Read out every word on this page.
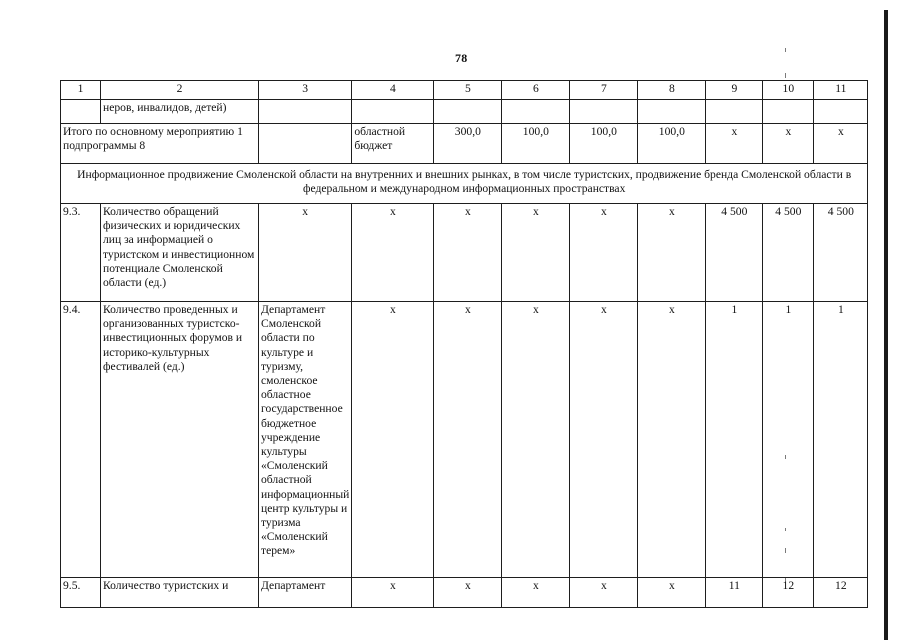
78
1	2	3	4	5	6	7	8	9	10	11
	неров, инвалидов, детей)									
Итого по основному мероприятию 1 подпрограммы 8			областной бюджет	300,0	100,0	100,0	100,0	x	x	x
Информационное продвижение Смоленской области на внутренних и внешних рынках, в том числе туристских, продвижение бренда Смоленской области в федеральном и международном информационных пространствах										
9.3.	Количество обращений физических и юридических лиц за информацией о туристском и инвестиционном потенциале Смоленской области (ед.)	x	x	x	x	x	x	4 500	4 500	4 500
9.4.	Количество проведенных и организованных туристско-инвестиционных форумов и историко-культурных фестивалей (ед.)	Департамент Смоленской области по культуре и туризму, смоленское областное государственное бюджетное учреждение культуры «Смоленский областной информационный центр культуры и туризма «Смоленский терем»	x	x	x	x	x	1	1	1
9.5.	Количество туристских и	Департамент	x	x	x	x	x	11	12	12
